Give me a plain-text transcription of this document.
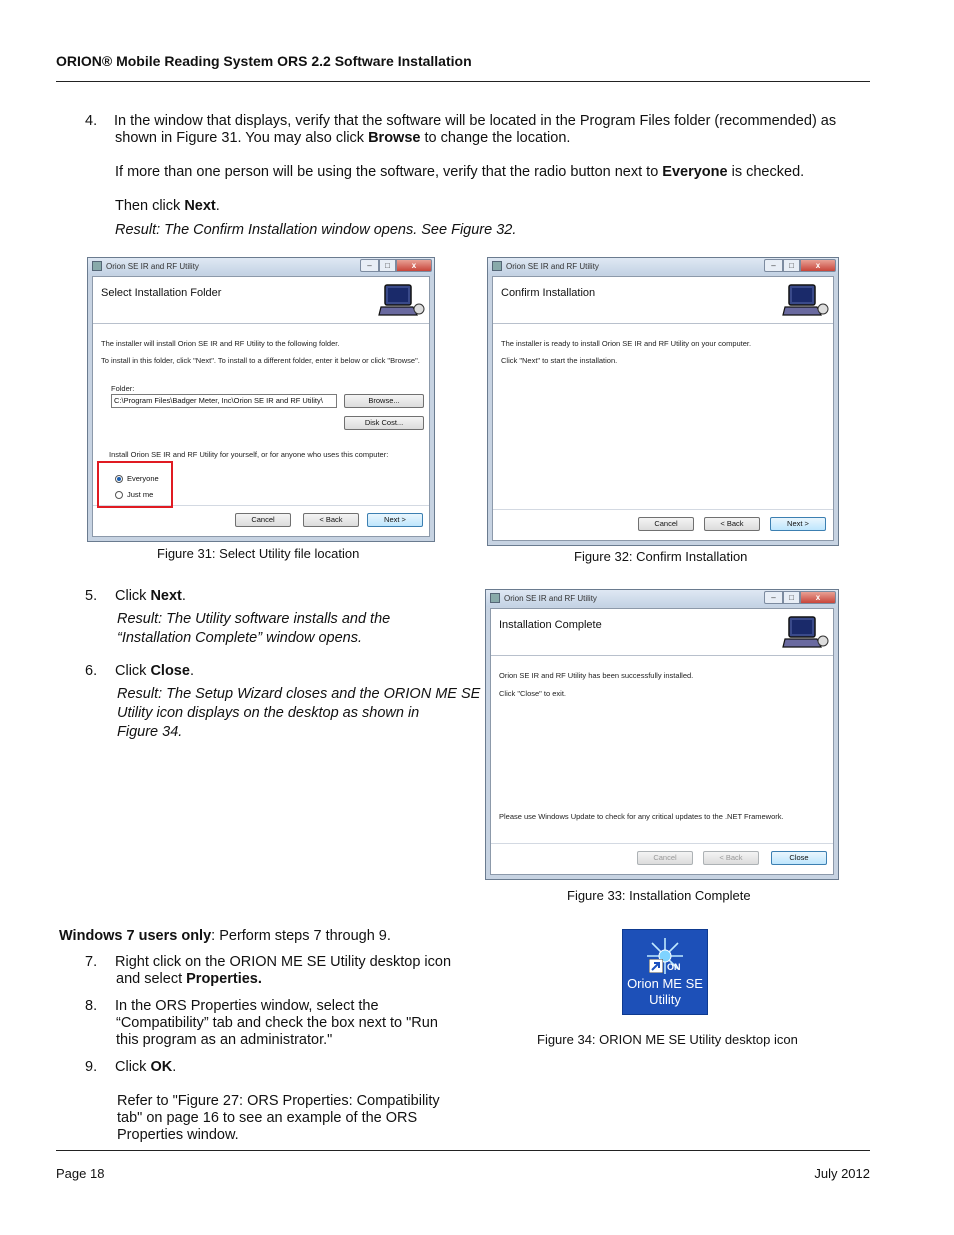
ORION® Mobile Reading System ORS 2.2 Software Installation
4.	In the window that displays, verify that the software will be located in the Program Files folder (recommended) as
shown in Figure 31. You may also click Browse to change the location.
If more than one person will be using the software, verify that the radio button next to Everyone is checked.
Then click Next.
Result: The Confirm Installation window opens. See Figure 32.
Orion SE IR and RF Utility	–	□	x
Select Installation Folder
The installer will install Orion SE IR and RF Utility to the following folder.
To install in this folder, click "Next". To install to a different folder, enter it below or click "Browse".
Folder:
C:\Program Files\Badger Meter, Inc\Orion SE IR and RF Utility\	Browse...
Disk Cost...
Install Orion SE IR and RF Utility for yourself, or for anyone who uses this computer:
Everyone
Just me
Cancel	< Back	Next >
Figure 31: Select Utility file location
Orion SE IR and RF Utility	–	□	x
Confirm Installation
The installer is ready to install Orion SE IR and RF Utility on your computer.
Click "Next" to start the installation.
Cancel	< Back	Next >
Figure 32: Confirm Installation
5.	Click Next.
Result: The Utility software installs and the
“Installation Complete” window opens.
6.	Click Close.
Result: The Setup Wizard closes and the ORION ME SE
Utility icon displays on the desktop as shown in
Figure 34.
Orion SE IR and RF Utility	–	□	x
Installation Complete
Orion SE IR and RF Utility has been successfully installed.
Click "Close" to exit.
Please use Windows Update to check for any critical updates to the .NET Framework.
Cancel	< Back	Close
Figure 33: Installation Complete
Windows 7 users only: Perform steps 7 through 9.
7.	Right click on the ORION ME SE Utility desktop icon
and select Properties.
8.	In the ORS Properties window, select the
“Compatibility” tab and check the box next to "Run
this program as an administrator."
9.	Click OK.
Refer to "Figure 27: ORS Properties: Compatibility
tab" on page 16 to see an example of the ORS
Properties window.
ON
Orion ME SE
Utility
Figure 34: ORION ME SE Utility desktop icon
Page 18	July 2012
